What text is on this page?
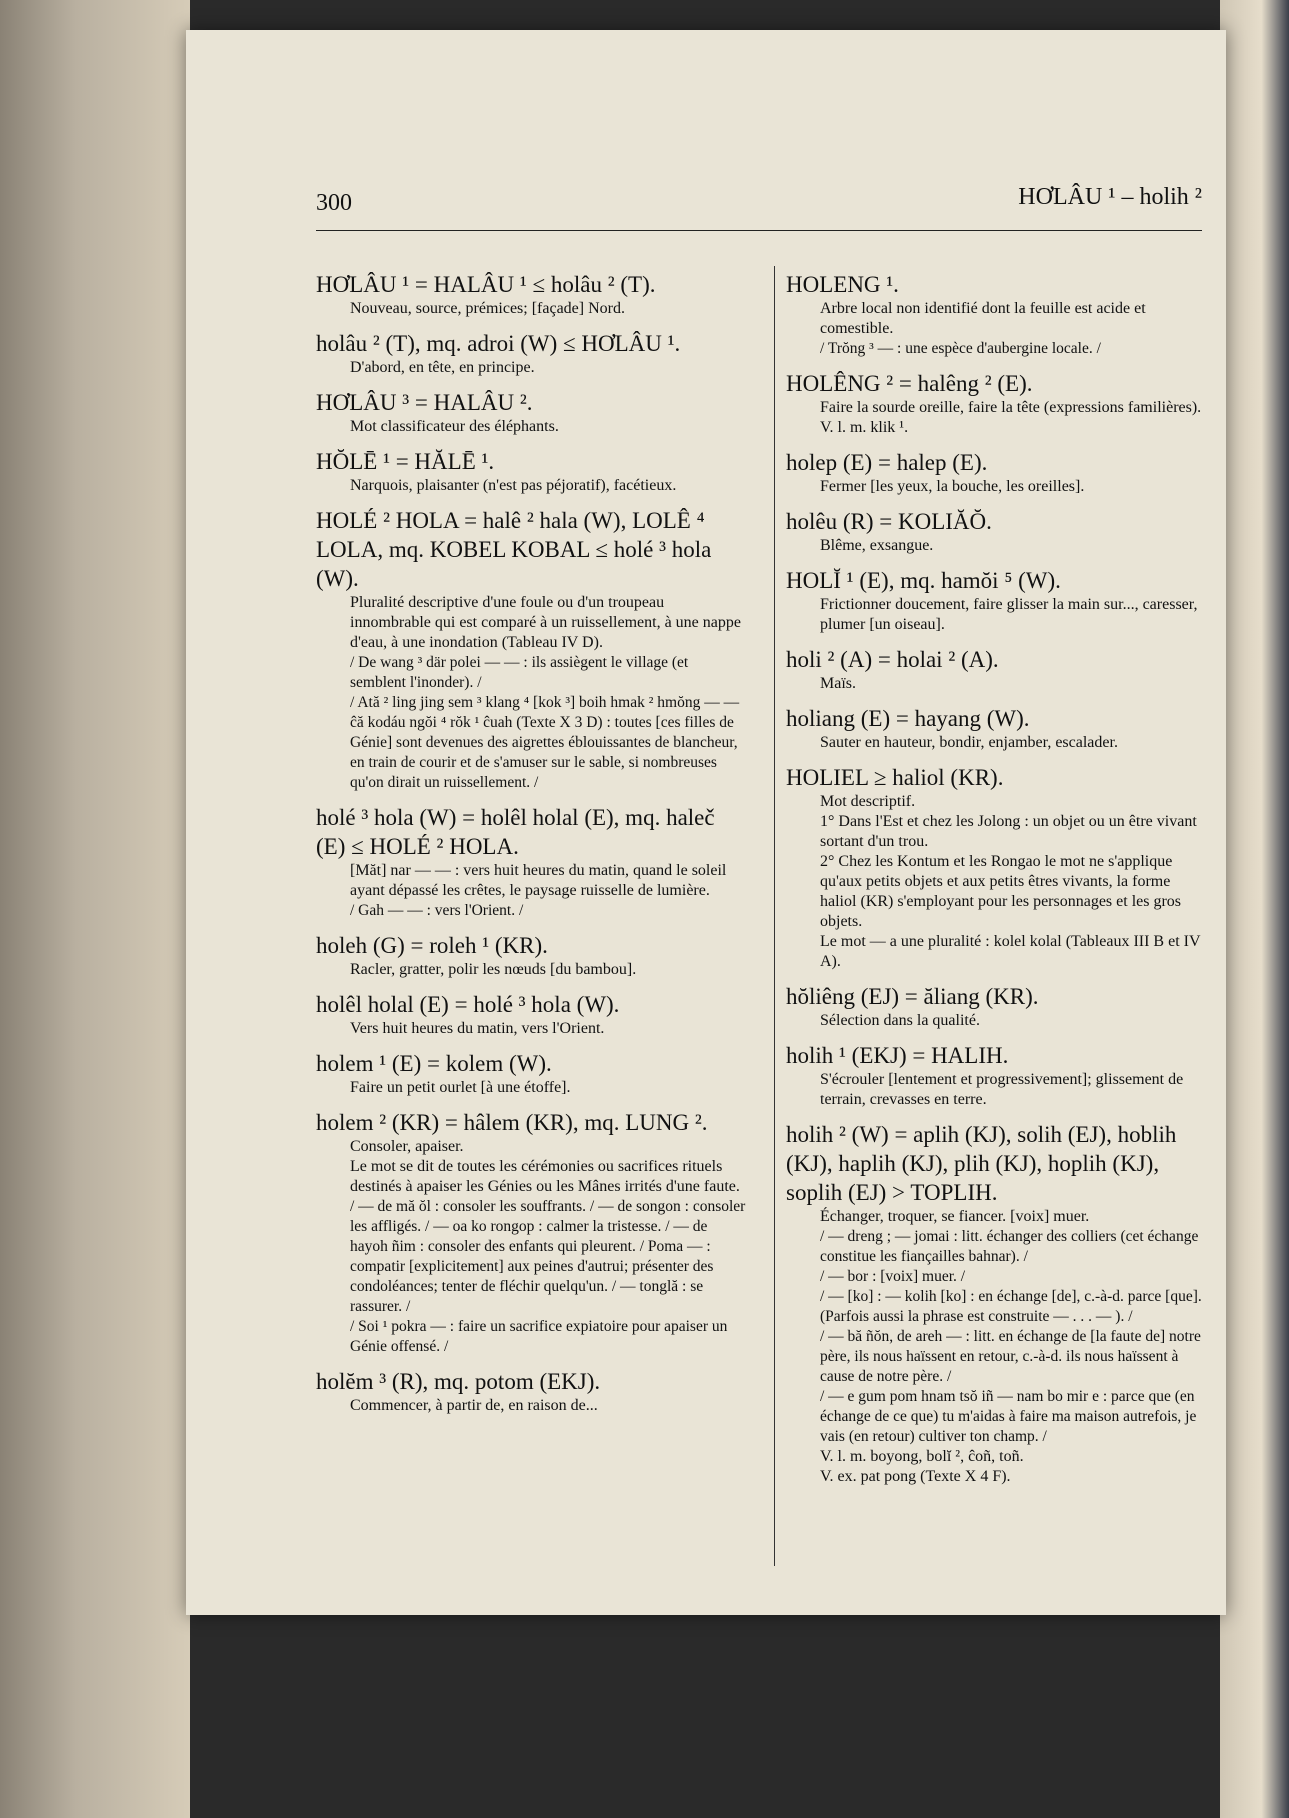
300	HƠLÂU ¹ – holih ²
HƠLÂU ¹ = HALÂU ¹ ≤ holâu ² (T).

Nouveau, source, prémices; [façade] Nord.

holâu ² (T), mq. adroi (W) ≤ HƠLÂU ¹.

D'abord, en tête, en principe.

HƠLÂU ³ = HALÂU ².

Mot classificateur des éléphants.

HŎLĒ ¹ = HĂLĒ ¹.

Narquois, plaisanter (n'est pas péjoratif), facétieux.

HOLÉ ² HOLA = halê ² hala (W), LOLÊ ⁴ LOLA, mq. KOBEL KOBAL ≤ holé ³ hola (W).

Pluralité descriptive d'une foule ou d'un troupeau innombrable qui est comparé à un ruissellement, à une nappe d'eau, à une inondation (Tableau IV D).

/ De wang ³ där polei — — : ils assiègent le village (et semblent l'inonder). /

/ Ată ² ling jing sem ³ klang ⁴ [kok ³] boih hmak ² hmŏng — — ĉă kodáu ngŏi ⁴ rŏk ¹ ĉuah (Texte X 3 D) : toutes [ces filles de Génie] sont devenues des aigrettes éblouissantes de blancheur, en train de courir et de s'amuser sur le sable, si nombreuses qu'on dirait un ruissellement. /

holé ³ hola (W) = holêl holal (E), mq. haleč (E) ≤ HOLÉ ² HOLA.

[Măt] nar — — : vers huit heures du matin, quand le soleil ayant dépassé les crêtes, le paysage ruisselle de lumière.

/ Gah — — : vers l'Orient. /

holeh (G) = roleh ¹ (KR).

Racler, gratter, polir les nœuds [du bambou].

holêl holal (E) = holé ³ hola (W).

Vers huit heures du matin, vers l'Orient.

holem ¹ (E) = kolem (W).

Faire un petit ourlet [à une étoffe].

holem ² (KR) = hâlem (KR), mq. LUNG ².

Consoler, apaiser.

Le mot se dit de toutes les cérémonies ou sacrifices rituels destinés à apaiser les Génies ou les Mânes irrités d'une faute.

/ — de mă ŏl : consoler les souffrants. / — de songon : consoler les affligés. / — oa ko rongop : calmer la tristesse. / — de hayoh ñim : consoler des enfants qui pleurent. / Poma — : compatir [explicitement] aux peines d'autrui; présenter des condoléances; tenter de fléchir quelqu'un. / — tonglă : se rassurer. /

/ Soi ¹ pokra — : faire un sacrifice expiatoire pour apaiser un Génie offensé. /

holĕm ³ (R), mq. potom (EKJ).

Commencer, à partir de, en raison de...

HOLENG ¹.

Arbre local non identifié dont la feuille est acide et comestible.

/ Trŏng ³ — : une espèce d'aubergine locale. /

HOLÊNG ² = halêng ² (E).

Faire la sourde oreille, faire la tête (expressions familières).

V. l. m. klik ¹.

holep (E) = halep (E).

Fermer [les yeux, la bouche, les oreilles].

holêu (R) = KOLIĂŎ.

Blême, exsangue.

HOLĬ ¹ (E), mq. hamŏi ⁵ (W).

Frictionner doucement, faire glisser la main sur..., caresser, plumer [un oiseau].

holi ² (A) = holai ² (A).

Maïs.

holiang (E) = hayang (W).

Sauter en hauteur, bondir, enjamber, escalader.

HOLIEL ≥ haliol (KR).

Mot descriptif.

1° Dans l'Est et chez les Jolong : un objet ou un être vivant sortant d'un trou.

2° Chez les Kontum et les Rongao le mot ne s'applique qu'aux petits objets et aux petits êtres vivants, la forme haliol (KR) s'employant pour les personnages et les gros objets.

Le mot — a une pluralité : kolel kolal (Tableaux III B et IV A).

hŏliêng (EJ) = ăliang (KR).

Sélection dans la qualité.

holih ¹ (EKJ) = HALIH.

S'écrouler [lentement et progressivement]; glissement de terrain, crevasses en terre.

holih ² (W) = aplih (KJ), solih (EJ), hoblih (KJ), haplih (KJ), plih (KJ), hoplih (KJ), soplih (EJ) > TOPLIH.

Échanger, troquer, se fiancer. [voix] muer.

/ — dreng ; — jomai : litt. échanger des colliers (cet échange constitue les fiançailles bahnar). /

/ — bor : [voix] muer. /

/ — [ko] : — kolih [ko] : en échange [de], c.-à-d. parce [que]. (Parfois aussi la phrase est construite — . . . — ). /

/ — bă ñŏn, de areh — : litt. en échange de [la faute de] notre père, ils nous haïssent en retour, c.-à-d. ils nous haïssent à cause de notre père. /

/ — e gum pom hnam tsŏ iñ — nam bo mir e : parce que (en échange de ce que) tu m'aidas à faire ma maison autrefois, je vais (en retour) cultiver ton champ. /

V. l. m. boyong, bolĭ ², ĉoñ, toñ.

V. ex. pat pong (Texte X 4 F).
